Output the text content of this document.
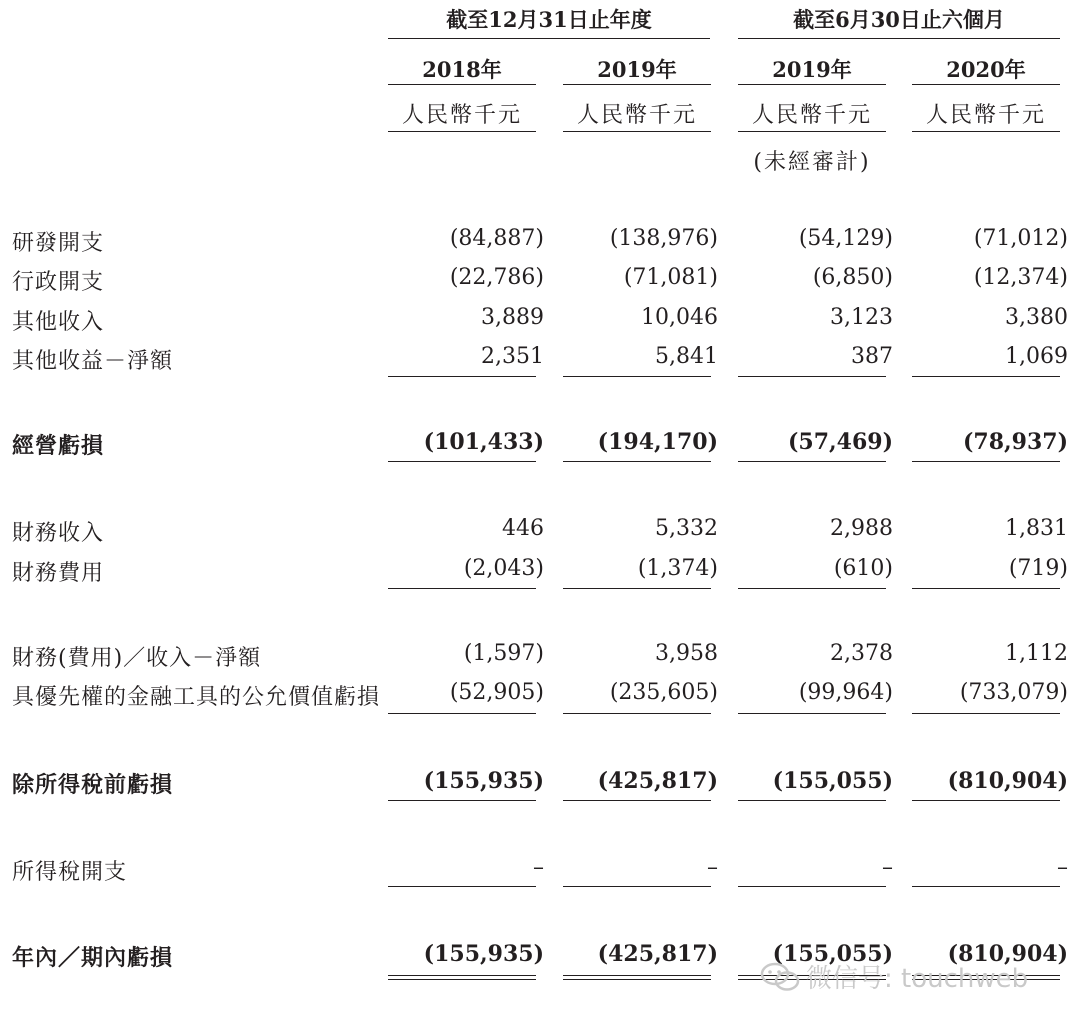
截至12月31日止年度	截至6月30日止六個月
2018年	2019年	2019年	2020年
人民幣千元	人民幣千元	人民幣千元	人民幣千元
(未經審計)
研發開支	(84,887)	(138,976)	(54,129)	(71,012)
行政開支	(22,786)	(71,081)	(6,850)	(12,374)
其他收入	3,889	10,046	3,123	3,380
其他收益－淨額	2,351	5,841	387	1,069
經營虧損	(101,433)	(194,170)	(57,469)	(78,937)
財務收入	446	5,332	2,988	1,831
財務費用	(2,043)	(1,374)	(610)	(719)
財務(費用)／收入－淨額	(1,597)	3,958	2,378	1,112
具優先權的金融工具的公允價值虧損	(52,905)	(235,605)	(99,964)	(733,079)
除所得稅前虧損	(155,935)	(425,817)	(155,055)	(810,904)
所得稅開支	–	–	–	–
年內／期內虧損	(155,935)	(425,817)	(155,055)	(810,904)
微信号: touchweb
